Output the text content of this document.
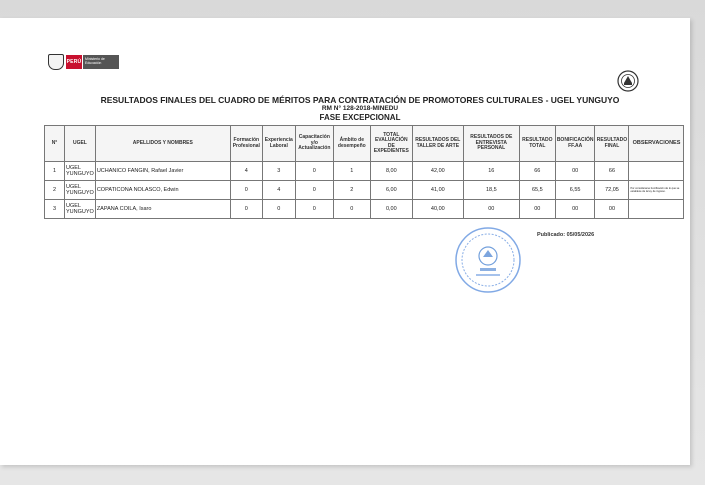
PERÚ	Ministerio de Educación
RESULTADOS FINALES DEL CUADRO DE MÉRITOS PARA CONTRATACIÓN DE PROMOTORES CULTURALES - UGEL YUNGUYO
RM N° 128-2018-MINEDU
FASE EXCEPCIONAL
N°	UGEL	APELLIDOS Y NOMBRES	Formación Profesional	Experiencia Laboral	Capacitación y/o Actualización	Ámbito de desempeño	TOTAL EVALUACIÓN DE EXPEDIENTES	RESULTADOS DEL TALLER DE ARTE	RESULTADOS DE ENTREVISTA PERSONAL	RESULTADO TOTAL	BONIFICACIÓN FF.AA	RESULTADO FINAL	OBSERVACIONES
1	UGEL YUNGUYO	UCHANICO FANGIN, Rafael Javier	4	3	0	1	8,00	42,00	16	66	00	66	
2	UGEL YUNGUYO	COPATICONA NOLASCO, Edwin	0	4	0	2	6,00	41,00	18,5	65,5	6,55	72,05	Por considerarse bonificación de lo que se establece de la ley de ingreso.
3	UGEL YUNGUYO	ZAPANA COILA, Isaro	0	0	0	0	0,00	40,00	00	00	00	00	
Publicado: 05/05/2026
